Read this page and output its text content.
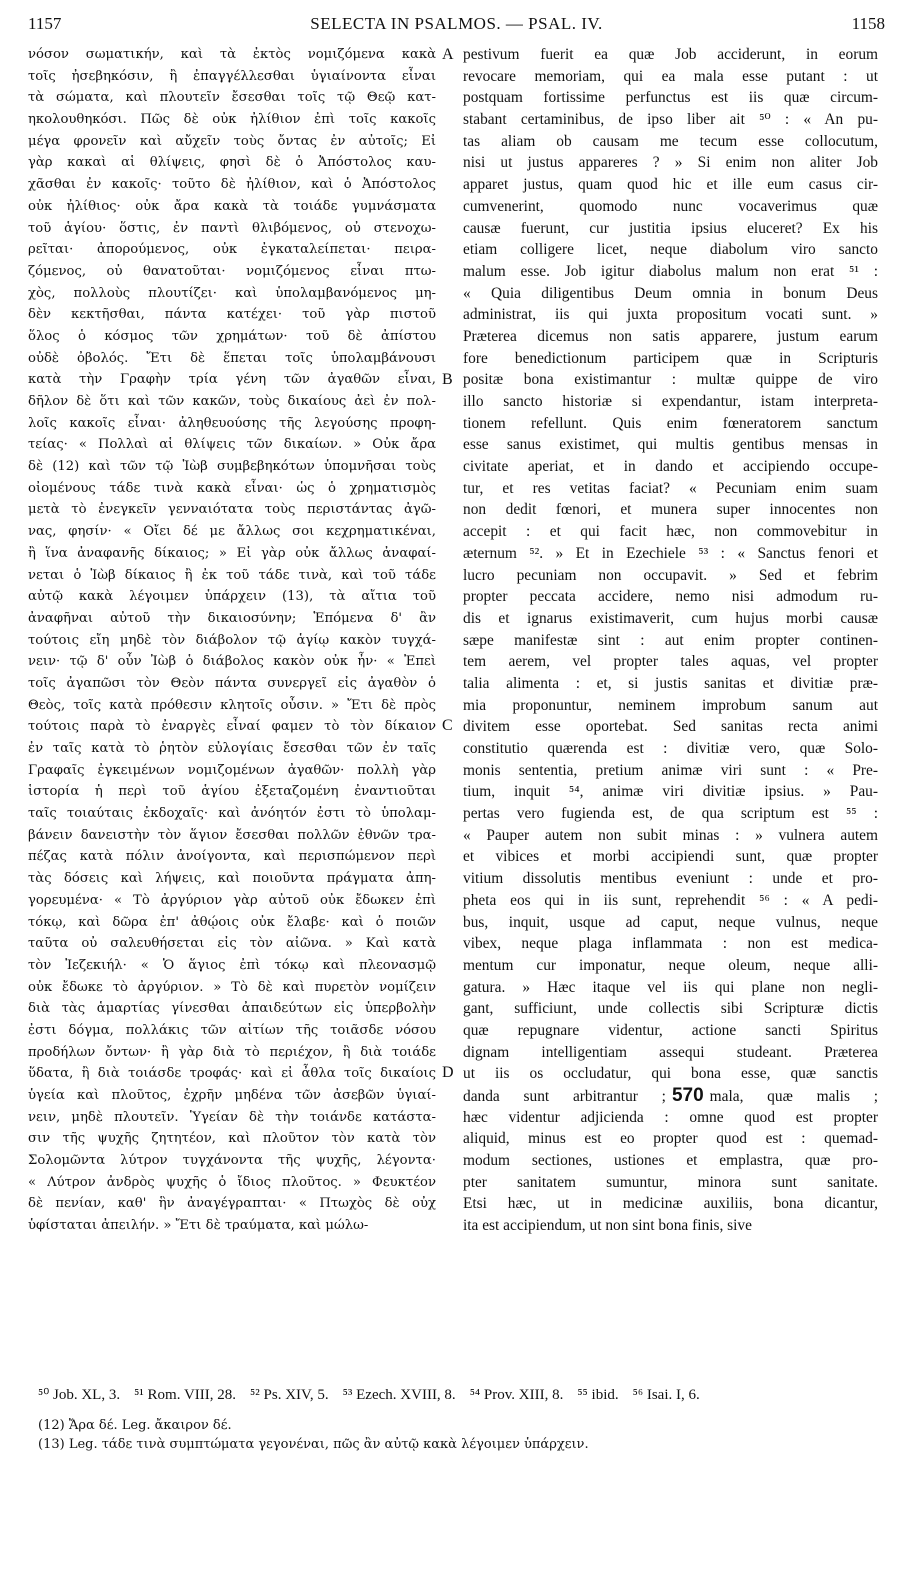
1157	SELECTA IN PSALMOS. — PSAL. IV.	1158
νόσον σωματικήν, καὶ τὰ ἐκτὸς νομιζόμενα κακὰ
τοῖς ἠσεβηκόσιν, ἢ ἐπαγγέλλεσθαι ὑγιαίνοντα εἶναι
τὰ σώματα, καὶ πλουτεῖν ἔσεσθαι τοῖς τῷ Θεῷ κατ-
ηκολουθηκόσι. Πῶς δὲ οὐκ ἠλίθιον ἐπὶ τοῖς κακοῖς
μέγα φρονεῖν καὶ αὔχεῖν τοὺς ὄντας ἐν αὐτοῖς; Εἰ
γὰρ κακαὶ αἱ θλίψεις, φησὶ δὲ ὁ Ἀπόστολος καυ-
χᾶσθαι ἐν κακοῖς· τοῦτο δὲ ἠλίθιον, καὶ ὁ Ἀπόστολος
οὐκ ἠλίθιος· οὐκ ἄρα κακὰ τὰ τοιάδε γυμνάσματα
τοῦ ἁγίου· ὅστις, ἐν παντὶ θλιβόμενος, οὐ στενοχω-
ρεῖται· ἀπορούμενος, οὐκ ἐγκαταλείπεται· πειρα-
ζόμενος, οὐ θανατοῦται· νομιζόμενος εἶναι πτω-
χὸς, πολλοὺς πλουτίζει· καὶ ὑπολαμβανόμενος μη-
δὲν κεκτῆσθαι, πάντα κατέχει· τοῦ γὰρ πιστοῦ
ὅλος ὁ κόσμος τῶν χρημάτων· τοῦ δὲ ἀπίστου
οὐδὲ ὀβολός. Ἔτι δὲ ἕπεται τοῖς ὑπολαμβάνουσι
κατὰ τὴν Γραφὴν τρία γένη τῶν ἀγαθῶν εἶναι,
δῆλον δὲ ὅτι καὶ τῶν κακῶν, τοὺς δικαίους ἀεὶ ἐν πολ-
λοῖς κακοῖς εἶναι· ἀληθευούσης τῆς λεγούσης προφη-
τείας· « Πολλαὶ αἱ θλίψεις τῶν δικαίων. » Οὐκ ἄρα
δὲ (12) καὶ τῶν τῷ Ἰὼβ συμβεβηκότων ὑπομνῆσαι τοὺς
οἰομένους τάδε τινὰ κακὰ εἶναι· ὡς ὁ χρηματισμὸς
μετὰ τὸ ἐνεγκεῖν γενναιότατα τοὺς περιστάντας ἀγῶ-
νας, φησίν· « Οἴει δέ με ἄλλως σοι κεχρηματικέναι,
ἢ ἵνα ἀναφανῆς δίκαιος; » Εἰ γὰρ οὐκ ἄλλως ἀναφαί-
νεται ὁ Ἰὼβ δίκαιος ἢ ἐκ τοῦ τάδε τινὰ, καὶ τοῦ τάδε
αὐτῷ κακὰ λέγοιμεν ὑπάρχειν (13), τὰ αἴτια τοῦ
ἀναφῆναι αὐτοῦ τὴν δικαιοσύνην; Ἑπόμενα δ' ἂν
τούτοις εἴη μηδὲ τὸν διάβολον τῷ ἁγίῳ κακὸν τυγχά-
νειν· τῷ δ' οὖν Ἰὼβ ὁ διάβολος κακὸν οὐκ ἦν· « Ἐπεὶ
τοῖς ἀγαπῶσι τὸν Θεὸν πάντα συνεργεῖ εἰς ἀγαθὸν ὁ
Θεὸς, τοῖς κατὰ πρόθεσιν κλητοῖς οὖσιν. » Ἔτι δὲ πρὸς
τούτοις παρὰ τὸ ἐναργὲς εἶναί φαμεν τὸ τὸν δίκαιον
ἐν ταῖς κατὰ τὸ ῥητὸν εὐλογίαις ἔσεσθαι τῶν ἐν ταῖς
Γραφαῖς ἐγκειμένων νομιζομένων ἀγαθῶν· πολλὴ γὰρ
ἱστορία ἡ περὶ τοῦ ἁγίου ἐξεταζομένη ἐναντιοῦται
ταῖς τοιαύταις ἐκδοχαῖς· καὶ ἀνόητόν ἐστι τὸ ὑπολαμ-
βάνειν δανειστὴν τὸν ἅγιον ἔσεσθαι πολλῶν ἐθνῶν τρα-
πέζας κατὰ πόλιν ἀνοίγοντα, καὶ περισπώμενον περὶ
τὰς δόσεις καὶ λήψεις, καὶ ποιοῦντα πράγματα ἀπη-
γορευμένα· « Τὸ ἀργύριον γὰρ αὐτοῦ οὐκ ἔδωκεν ἐπὶ
τόκῳ, καὶ δῶρα ἐπ' ἀθῴοις οὐκ ἔλαβε· καὶ ὁ ποιῶν
ταῦτα οὐ σαλευθήσεται εἰς τὸν αἰῶνα. » Καὶ κατὰ
τὸν Ἰεζεκιήλ· « Ὁ ἅγιος ἐπὶ τόκῳ καὶ πλεονασμῷ
οὐκ ἔδωκε τὸ ἀργύριον. » Τὸ δὲ καὶ πυρετὸν νομίζειν
διὰ τὰς ἁμαρτίας γίνεσθαι ἀπαιδεύτων εἰς ὑπερβολὴν
ἐστι δόγμα, πολλάκις τῶν αἰτίων τῆς τοιᾶσδε νόσου
προδήλων ὄντων· ἢ γὰρ διὰ τὸ περιέχον, ἢ διὰ τοιάδε
ὕδατα, ἢ διὰ τοιάσδε τροφάς· καὶ εἰ ἆθλα τοῖς δικαίοις
ὑγεία καὶ πλοῦτος, ἐχρῆν μηδένα τῶν ἀσεβῶν ὑγιαί-
νειν, μηδὲ πλουτεῖν. Ὑγείαν δὲ τὴν τοιάνδε κατάστα-
σιν τῆς ψυχῆς ζητητέον, καὶ πλοῦτον τὸν κατὰ τὸν
Σολομῶντα λύτρον τυγχάνοντα τῆς ψυχῆς, λέγοντα·
« Λύτρον ἀνδρὸς ψυχῆς ὁ ἴδιος πλοῦτος. » Φευκτέον
δὲ πενίαν, καθ' ἣν ἀναγέγραπται· « Πτωχὸς δὲ οὐχ
ὑφίσταται ἀπειλήν. » Ἔτι δὲ τραύματα, καὶ μώλω-
A
B
C
D
pestivum fuerit ea quæ Job acciderunt, in eorum
revocare memoriam, qui ea mala esse putant : ut
postquam fortissime perfunctus est iis quæ circum-
stabant certaminibus, de ipso liber ait ⁵⁰ : « An pu-
tas aliam ob causam me tecum esse collocutum,
nisi ut justus appareres ? » Si enim non aliter Job
apparet justus, quam quod hic et ille eum casus cir-
cumvenerint, quomodo nunc vocaverimus quæ
causæ fuerunt, cur justitia ipsius eluceret? Ex his
etiam colligere licet, neque diabolum viro sancto
malum esse. Job igitur diabolus malum non erat ⁵¹ :
« Quia diligentibus Deum omnia in bonum Deus
administrat, iis qui juxta propositum vocati sunt. »
Præterea dicemus non satis apparere, justum earum
fore benedictionum participem quæ in Scripturis
positæ bona existimantur : multæ quippe de viro
illo sancto historiæ si expendantur, istam interpreta-
tionem refellunt. Quis enim fœneratorem sanctum
esse sanus existimet, qui multis gentibus mensas in
civitate aperiat, et in dando et accipiendo occupe-
tur, et res vetitas faciat? « Pecuniam enim suam
non dedit fœnori, et munera super innocentes non
accepit : et qui facit hæc, non commovebitur in
æternum ⁵². » Et in Ezechiele ⁵³ : « Sanctus fenori et
lucro pecuniam non occupavit. » Sed et febrim
propter peccata accidere, nemo nisi admodum ru-
dis et ignarus existimaverit, cum hujus morbi causæ
sæpe manifestæ sint : aut enim propter continen-
tem aerem, vel propter tales aquas, vel propter
talia alimenta : et, si justis sanitas et divitiæ præ-
mia proponuntur, neminem improbum sanum aut
divitem esse oportebat. Sed sanitas recta animi
constitutio quærenda est : divitiæ vero, quæ Solo-
monis sententia, pretium animæ viri sunt : « Pre-
tium, inquit ⁵⁴, animæ viri divitiæ ipsius. » Pau-
pertas vero fugienda est, de qua scriptum est ⁵⁵ :
« Pauper autem non subit minas : » vulnera autem
et vibices et morbi accipiendi sunt, quæ propter
vitium dissolutis mentibus eveniunt : unde et pro-
pheta eos qui in iis sunt, reprehendit ⁵⁶ : « A pedi-
bus, inquit, usque ad caput, neque vulnus, neque
vibex, neque plaga inflammata : non est medica-
mentum cur imponatur, neque oleum, neque alli-
gatura. » Hæc itaque vel iis qui plane non negli-
gant, sufficiunt, unde collectis sibi Scripturæ dictis
quæ repugnare videntur, actione sancti Spiritus
dignam intelligentiam assequi studeant. Præterea
ut iis os occludatur, qui bona esse, quæ sanctis
danda sunt arbitrantur ; 570 mala, quæ malis ;
hæc videntur adjicienda : omne quod est propter
aliquid, minus est eo propter quod est : quemad-
modum sectiones, ustiones et emplastra, quæ pro-
pter sanitatem sumuntur, minora sunt sanitate.
Etsi hæc, ut in medicinæ auxiliis, bona dicantur,
ita est accipiendum, ut non sint bona finis, sive
⁵⁰ Job. XL, 3. ⁵¹ Rom. VIII, 28. ⁵² Ps. XIV, 5. ⁵³ Ezech. XVIII, 8. ⁵⁴ Prov. XIII, 8. ⁵⁵ ibid. ⁵⁶ Isai. I, 6.
(12) Ἄρα δέ. Leg. ἄκαιρον δέ.
(13) Leg. τάδε τινὰ συμπτώματα γεγονέναι, πῶς ἂν αὐτῷ κακὰ λέγοιμεν ὑπάρχειν.
